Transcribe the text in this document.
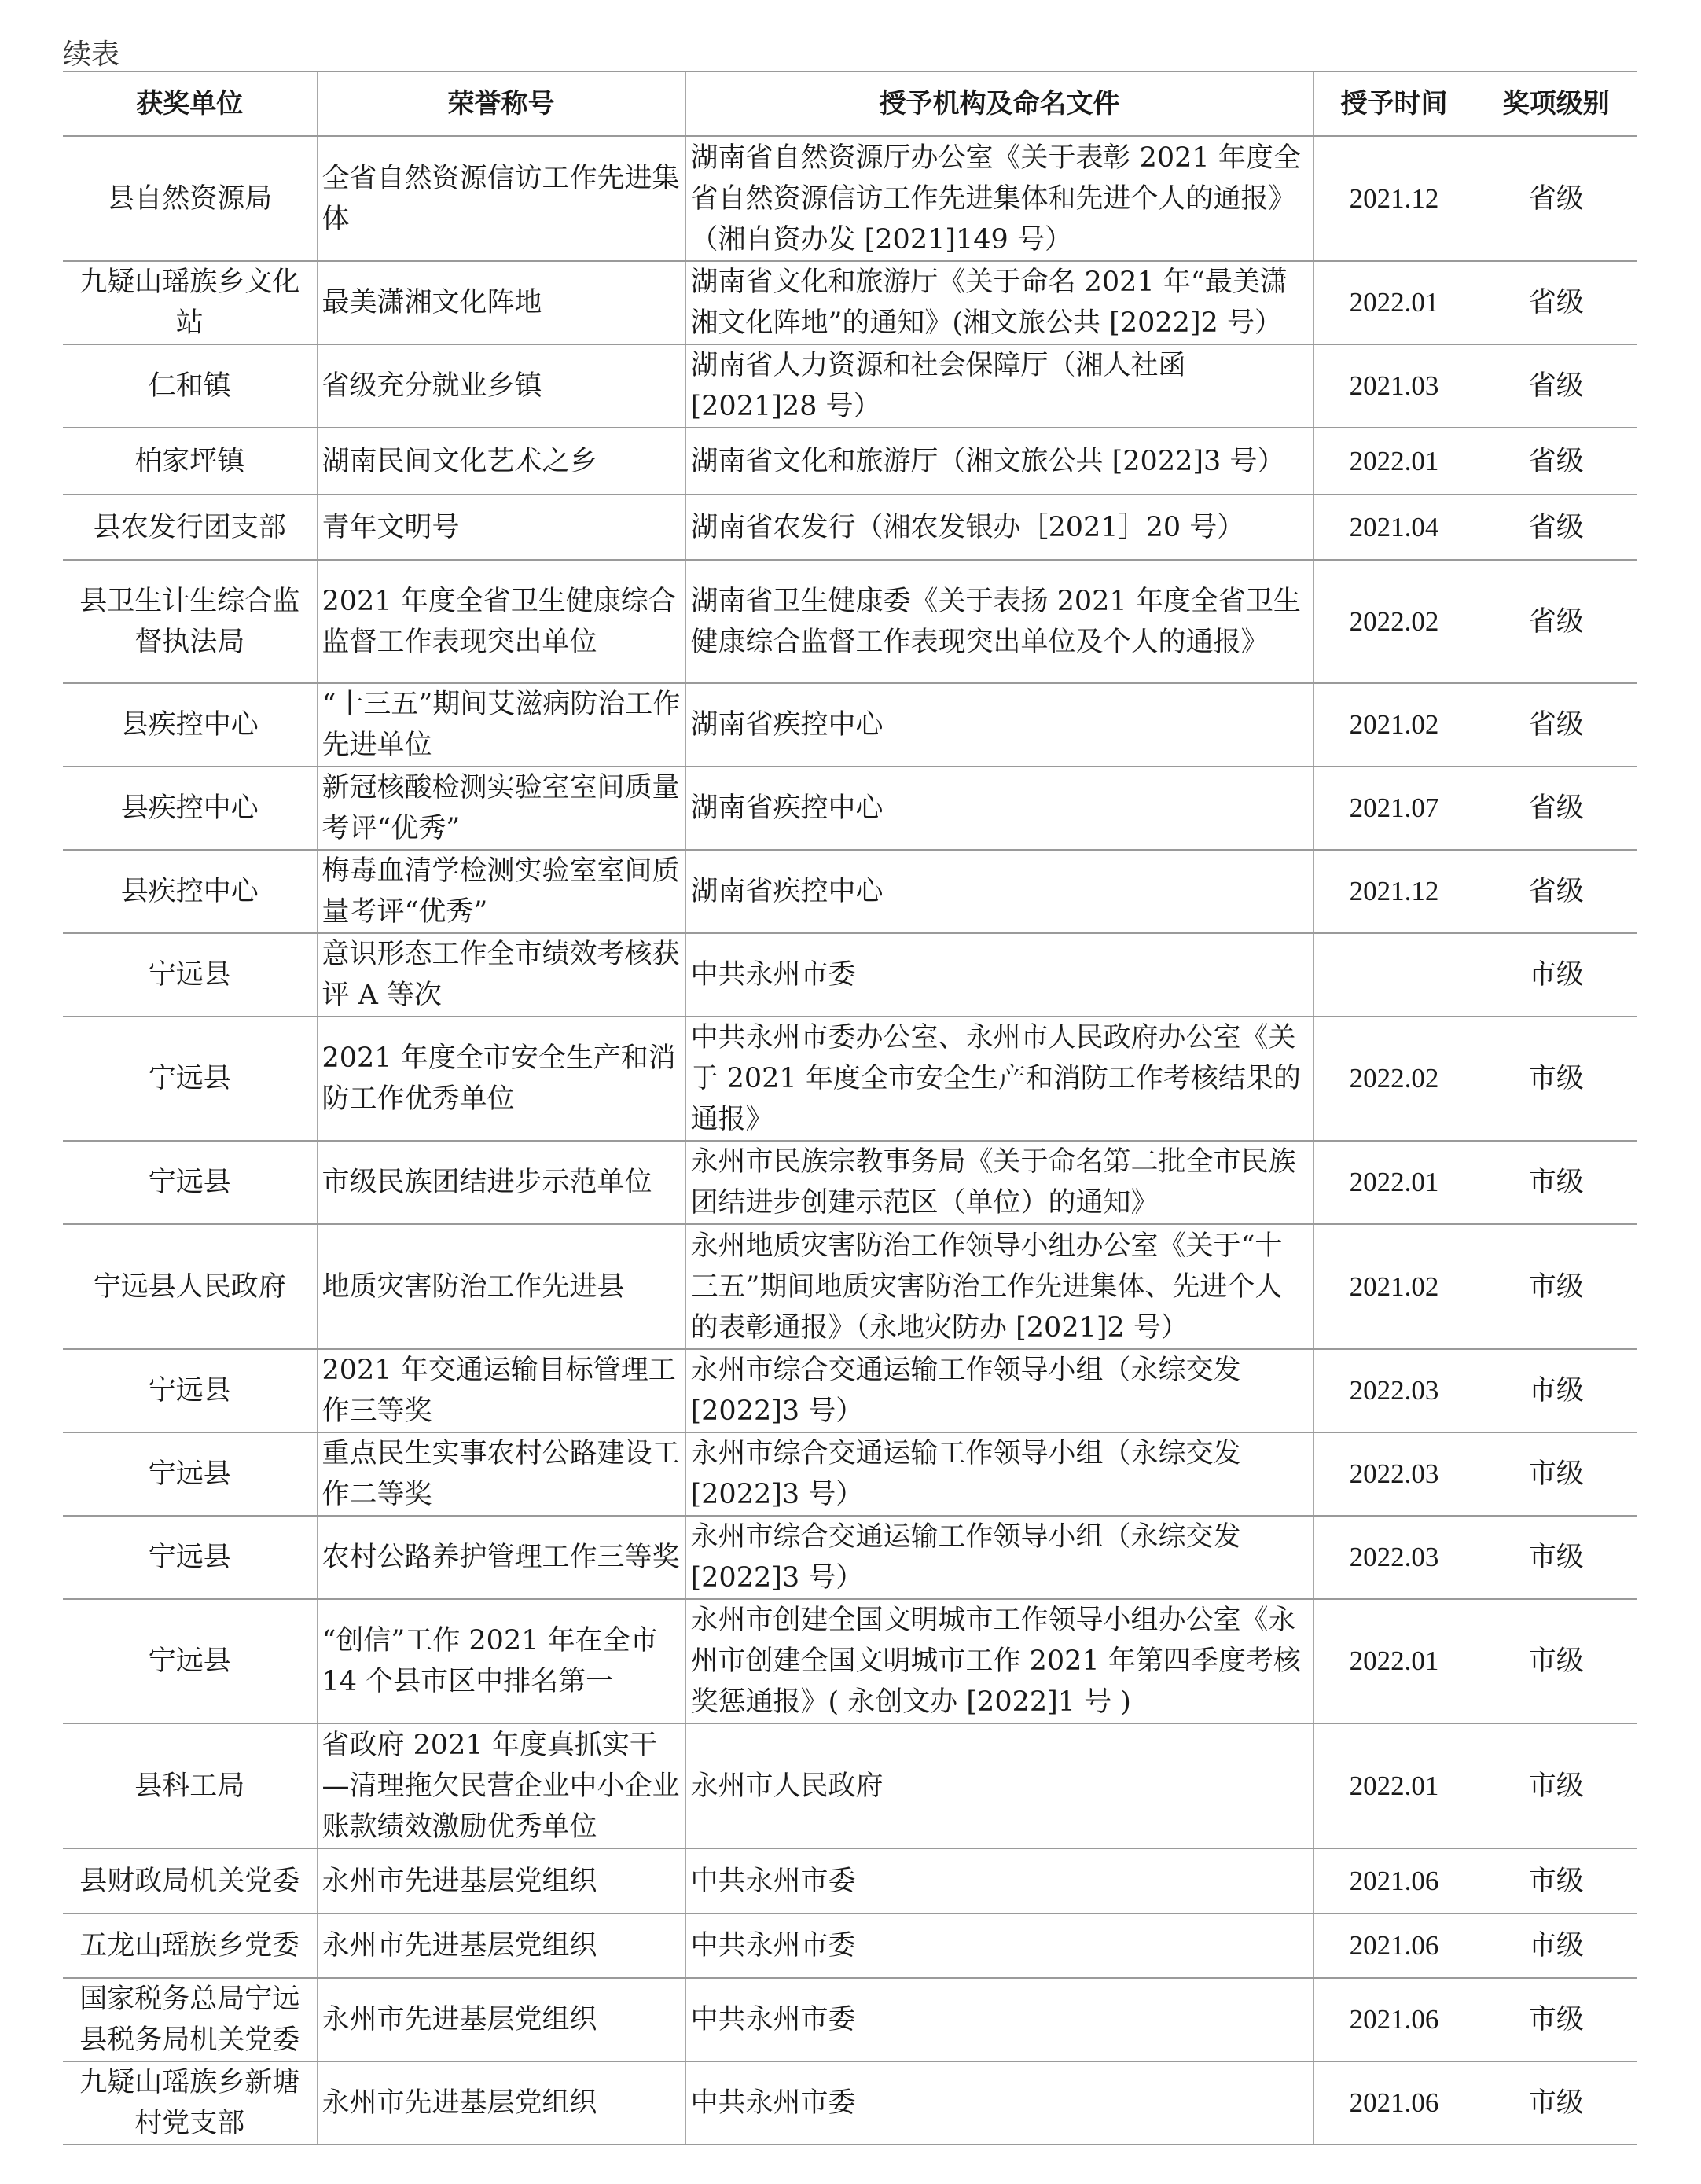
续表
获奖单位	荣誉称号	授予机构及命名文件	授予时间	奖项级别
县自然资源局	全省自然资源信访工作先进集体	湖南省自然资源厅办公室《关于表彰 2021 年度全省自然资源信访工作先进集体和先进个人的通报》（湘自资办发 [2021]149 号）	2021.12	省级
九疑山瑶族乡文化站	最美潇湘文化阵地	湖南省文化和旅游厅《关于命名 2021 年“最美潇湘文化阵地”的通知》(湘文旅公共 [2022]2 号）	2022.01	省级
仁和镇	省级充分就业乡镇	湖南省人力资源和社会保障厅（湘人社函 [2021]28 号）	2021.03	省级
柏家坪镇	湖南民间文化艺术之乡	湖南省文化和旅游厅（湘文旅公共 [2022]3 号）	2022.01	省级
县农发行团支部	青年文明号	湖南省农发行（湘农发银办［2021］20 号）	2021.04	省级
县卫生计生综合监督执法局	2021 年度全省卫生健康综合监督工作表现突出单位	湖南省卫生健康委《关于表扬 2021 年度全省卫生健康综合监督工作表现突出单位及个人的通报》	2022.02	省级
县疾控中心	“十三五”期间艾滋病防治工作先进单位	湖南省疾控中心	2021.02	省级
县疾控中心	新冠核酸检测实验室室间质量考评“优秀”	湖南省疾控中心	2021.07	省级
县疾控中心	梅毒血清学检测实验室室间质量考评“优秀”	湖南省疾控中心	2021.12	省级
宁远县	意识形态工作全市绩效考核获评 A 等次	中共永州市委		市级
宁远县	2021 年度全市安全生产和消防工作优秀单位	中共永州市委办公室、永州市人民政府办公室《关于 2021 年度全市安全生产和消防工作考核结果的通报》	2022.02	市级
宁远县	市级民族团结进步示范单位	永州市民族宗教事务局《关于命名第二批全市民族团结进步创建示范区（单位）的通知》	2022.01	市级
宁远县人民政府	地质灾害防治工作先进县	永州地质灾害防治工作领导小组办公室《关于“十三五”期间地质灾害防治工作先进集体、先进个人的表彰通报》（永地灾防办 [2021]2 号）	2021.02	市级
宁远县	2021 年交通运输目标管理工作三等奖	永州市综合交通运输工作领导小组（永综交发 [2022]3 号）	2022.03	市级
宁远县	重点民生实事农村公路建设工作二等奖	永州市综合交通运输工作领导小组（永综交发 [2022]3 号）	2022.03	市级
宁远县	农村公路养护管理工作三等奖	永州市综合交通运输工作领导小组（永综交发 [2022]3 号）	2022.03	市级
宁远县	“创信”工作 2021 年在全市 14 个县市区中排名第一	永州市创建全国文明城市工作领导小组办公室《永州市创建全国文明城市工作 2021 年第四季度考核奖惩通报》( 永创文办 [2022]1 号 )	2022.01	市级
县科工局	省政府 2021 年度真抓实干—清理拖欠民营企业中小企业账款绩效激励优秀单位	永州市人民政府	2022.01	市级
县财政局机关党委	永州市先进基层党组织	中共永州市委	2021.06	市级
五龙山瑶族乡党委	永州市先进基层党组织	中共永州市委	2021.06	市级
国家税务总局宁远县税务局机关党委	永州市先进基层党组织	中共永州市委	2021.06	市级
九疑山瑶族乡新塘村党支部	永州市先进基层党组织	中共永州市委	2021.06	市级
